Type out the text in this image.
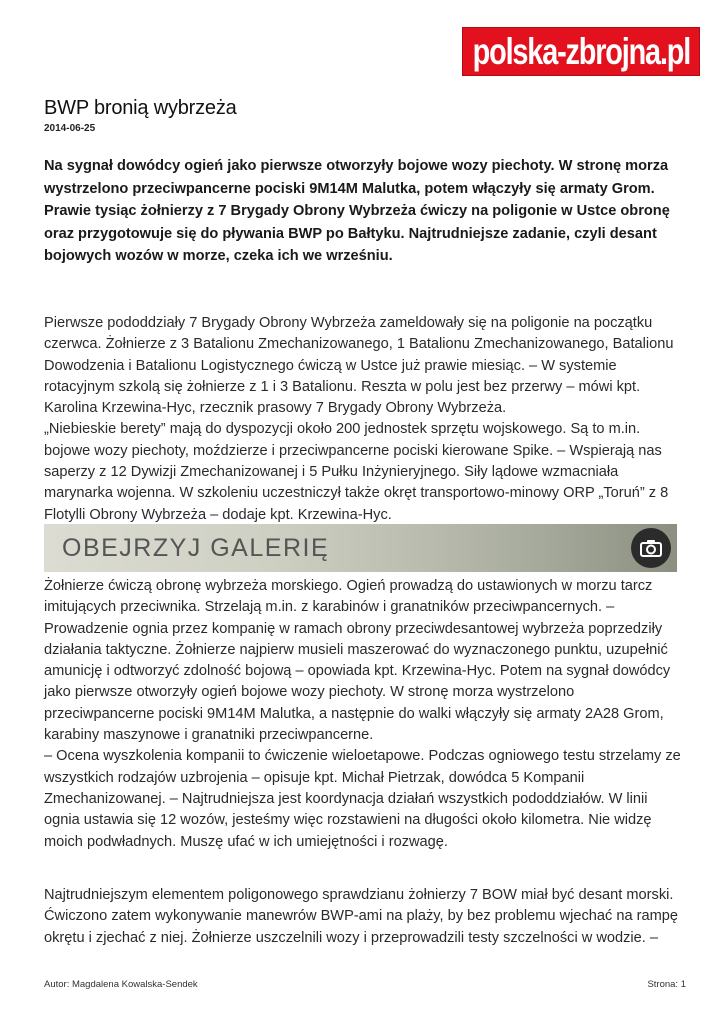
polska-zbrojna.pl
BWP bronią wybrzeża
2014-06-25

Na sygnał dowódcy ogień jako pierwsze otworzyły bojowe wozy piechoty. W stronę morza wystrzelono przeciwpancerne pociski 9M14M Malutka, potem włączyły się armaty Grom. Prawie tysiąc żołnierzy z 7 Brygady Obrony Wybrzeża ćwiczy na poligonie w Ustce obronę oraz przygotowuje się do pływania BWP po Bałtyku. Najtrudniejsze zadanie, czyli desant bojowych wozów w morze, czeka ich we wrześniu.

Pierwsze pododdziały 7 Brygady Obrony Wybrzeża zameldowały się na poligonie na początku czerwca. Żołnierze z 3 Batalionu Zmechanizowanego, 1 Batalionu Zmechanizowanego, Batalionu Dowodzenia i Batalionu Logistycznego ćwiczą w Ustce już prawie miesiąc. – W systemie rotacyjnym szkolą się żołnierze z 1 i 3 Batalionu. Reszta w polu jest bez przerwy – mówi kpt. Karolina Krzewina-Hyc, rzecznik prasowy 7 Brygady Obrony Wybrzeża.
„Niebieskie berety” mają do dyspozycji około 200 jednostek sprzętu wojskowego. Są to m.in. bojowe wozy piechoty, moździerze i przeciwpancerne pociski kierowane Spike. – Wspierają nas saperzy z 12 Dywizji Zmechanizowanej i 5 Pułku Inżynieryjnego. Siły lądowe wzmacniała marynarka wojenna. W szkoleniu uczestniczył także okręt transportowo-minowy ORP „Toruń” z 8 Flotylli Obrony Wybrzeża – dodaje kpt. Krzewina-Hyc.

OBEJRZYJ GALERIĘ

Żołnierze ćwiczą obronę wybrzeża morskiego. Ogień prowadzą do ustawionych w morzu tarcz imitujących przeciwnika. Strzelają m.in. z karabinów i granatników przeciwpancernych. – Prowadzenie ognia przez kompanię w ramach obrony przeciwdesantowej wybrzeża poprzedziły działania taktyczne. Żołnierze najpierw musieli maszerować do wyznaczonego punktu, uzupełnić amunicję i odtworzyć zdolność bojową – opowiada kpt. Krzewina-Hyc. Potem na sygnał dowódcy jako pierwsze otworzyły ogień bojowe wozy piechoty. W stronę morza wystrzelono przeciwpancerne pociski 9M14M Malutka, a następnie do walki włączyły się armaty 2A28 Grom, karabiny maszynowe i granatniki przeciwpancerne.
– Ocena wyszkolenia kompanii to ćwiczenie wieloetapowe. Podczas ogniowego testu strzelamy ze wszystkich rodzajów uzbrojenia – opisuje kpt. Michał Pietrzak, dowódca 5 Kompanii Zmechanizowanej. – Najtrudniejsza jest koordynacja działań wszystkich pododdziałów. W linii ognia ustawia się 12 wozów, jesteśmy więc rozstawieni na długości około kilometra. Nie widzę moich podwładnych. Muszę ufać w ich umiejętności i rozwagę.

Najtrudniejszym elementem poligonowego sprawdzianu żołnierzy 7 BOW miał być desant morski. Ćwiczono zatem wykonywanie manewrów BWP-ami na plaży, by bez problemu wjechać na rampę okrętu i zjechać z niej. Żołnierze uszczelnili wozy i przeprowadzili testy szczelności w wodzie. –

Autor: Magdalena Kowalska-Sendek	Strona: 1
